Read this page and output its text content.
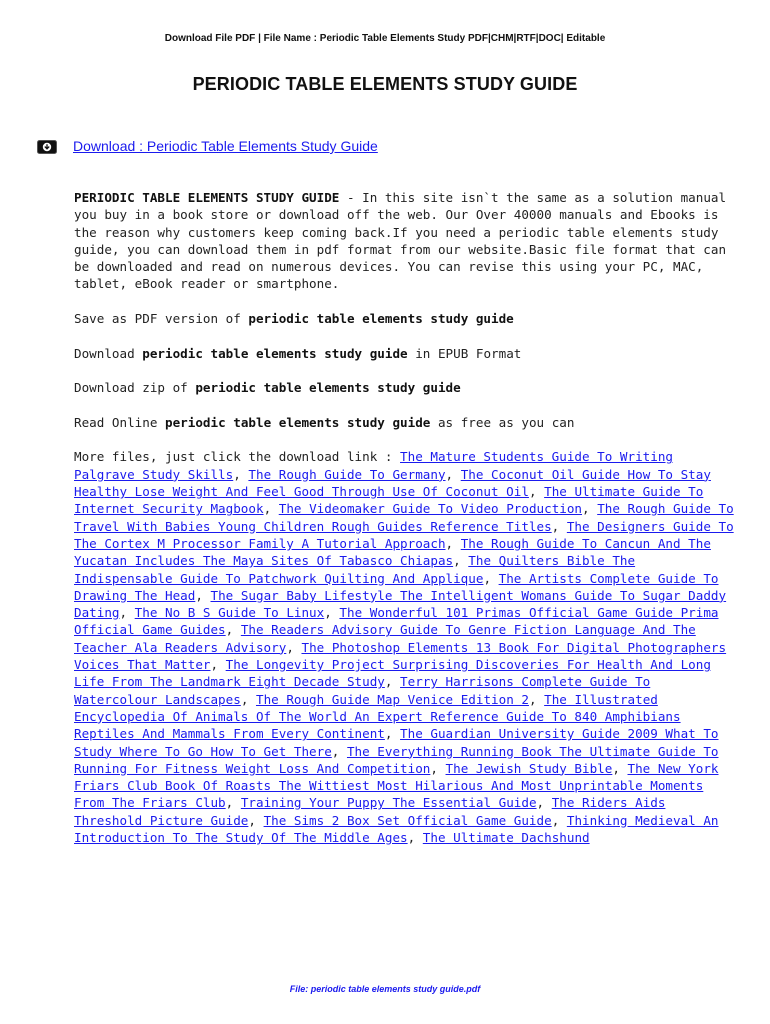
Download File PDF | File Name : Periodic Table Elements Study PDF|CHM|RTF|DOC| Editable
PERIODIC TABLE ELEMENTS STUDY GUIDE
Download : Periodic Table Elements Study Guide

PERIODIC TABLE ELEMENTS STUDY GUIDE - In this site isn`t the same as a solution manual you buy in a book store or download off the web. Our Over 40000 manuals and Ebooks is the reason why customers keep coming back.If you need a periodic table elements study guide, you can download them in pdf format from our website.Basic file format that can be downloaded and read on numerous devices. You can revise this using your PC, MAC, tablet, eBook reader or smartphone.

Save as PDF version of periodic table elements study guide

Download periodic table elements study guide in EPUB Format

Download zip of periodic table elements study guide

Read Online periodic table elements study guide as free as you can

More files, just click the download link : The Mature Students Guide To Writing Palgrave Study Skills, The Rough Guide To Germany, The Coconut Oil Guide How To Stay Healthy Lose Weight And Feel Good Through Use Of Coconut Oil, The Ultimate Guide To Internet Security Magbook, The Videomaker Guide To Video Production, The Rough Guide To Travel With Babies Young Children Rough Guides Reference Titles, The Designers Guide To The Cortex M Processor Family A Tutorial Approach, The Rough Guide To Cancun And The Yucatan Includes The Maya Sites Of Tabasco Chiapas, The Quilters Bible The Indispensable Guide To Patchwork Quilting And Applique, The Artists Complete Guide To Drawing The Head, The Sugar Baby Lifestyle The Intelligent Womans Guide To Sugar Daddy Dating, The No B S Guide To Linux, The Wonderful 101 Primas Official Game Guide Prima Official Game Guides, The Readers Advisory Guide To Genre Fiction Language And The Teacher Ala Readers Advisory, The Photoshop Elements 13 Book For Digital Photographers Voices That Matter, The Longevity Project Surprising Discoveries For Health And Long Life From The Landmark Eight Decade Study, Terry Harrisons Complete Guide To Watercolour Landscapes, The Rough Guide Map Venice Edition 2, The Illustrated Encyclopedia Of Animals Of The World An Expert Reference Guide To 840 Amphibians Reptiles And Mammals From Every Continent, The Guardian University Guide 2009 What To Study Where To Go How To Get There, The Everything Running Book The Ultimate Guide To Running For Fitness Weight Loss And Competition, The Jewish Study Bible, The New York Friars Club Book Of Roasts The Wittiest Most Hilarious And Most Unprintable Moments From The Friars Club, Training Your Puppy The Essential Guide, The Riders Aids Threshold Picture Guide, The Sims 2 Box Set Official Game Guide, Thinking Medieval An Introduction To The Study Of The Middle Ages, The Ultimate Dachshund

File: periodic table elements study guide.pdf
